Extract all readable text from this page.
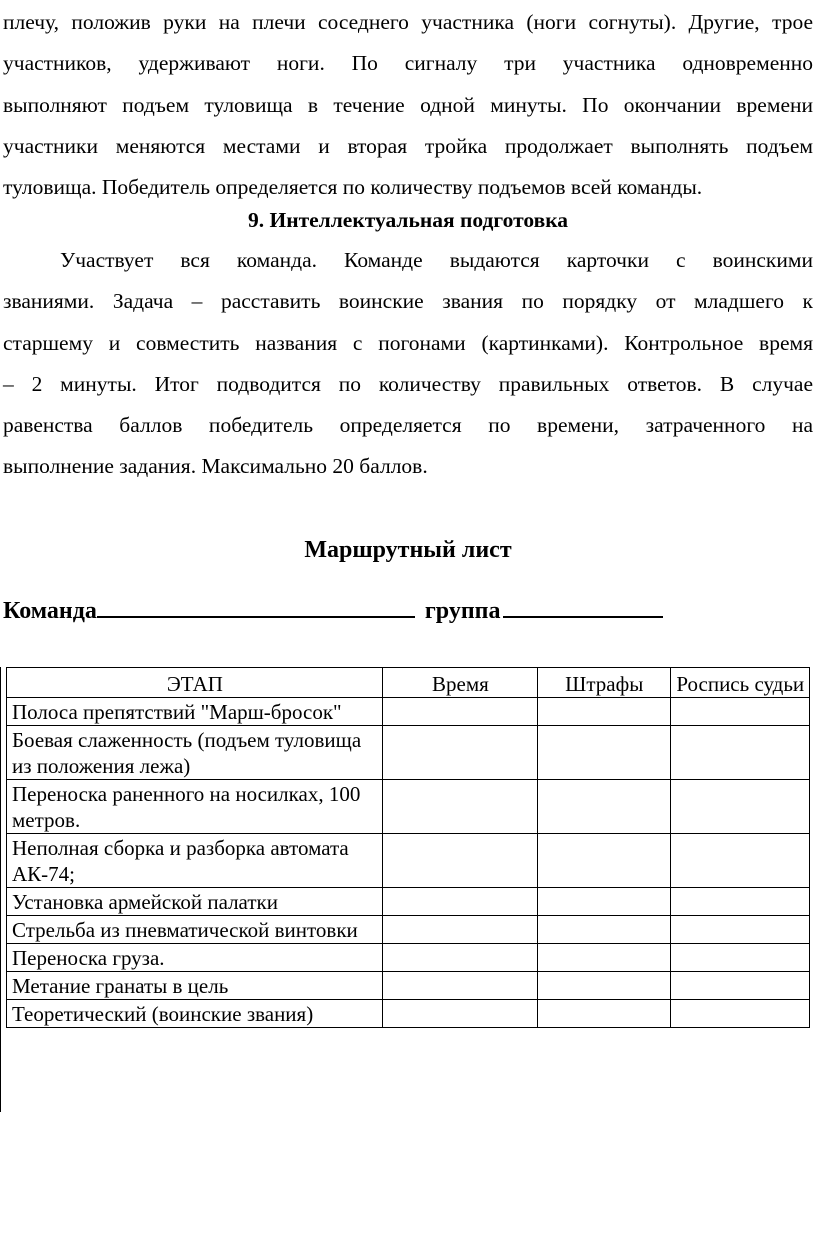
плечу, положив руки на плечи соседнего участника (ноги согнуты). Другие, трое
участников, удерживают ноги. По сигналу три участника одновременно
выполняют подъем туловища в течение одной минуты. По окончании времени
участники меняются местами и вторая тройка продолжает выполнять подъем
туловища. Победитель определяется по количеству подъемов всей команды.
9. Интеллектуальная подготовка
Участвует вся команда. Команде выдаются карточки с воинскими
званиями. Задача – расставить воинские звания по порядку от младшего к
старшему и совместить названия с погонами (картинками). Контрольное время
– 2 минуты. Итог подводится по количеству правильных ответов. В случае
равенства баллов победитель определяется по времени, затраченного на
выполнение задания. Максимально 20 баллов.
Маршрутный лист
Команда	группа
ЭТАП	Время	Штрафы	Роспись судьи
Полоса препятствий "Марш-бросок"			
Боевая слаженность (подъем туловища из положения лежа)			
Переноска раненного на носилках, 100 метров.			
Неполная сборка и разборка автомата АК-74;			
Установка армейской палатки			
Стрельба из пневматической винтовки			
Переноска груза.			
Метание гранаты в цель			
Теоретический (воинские звания)			
